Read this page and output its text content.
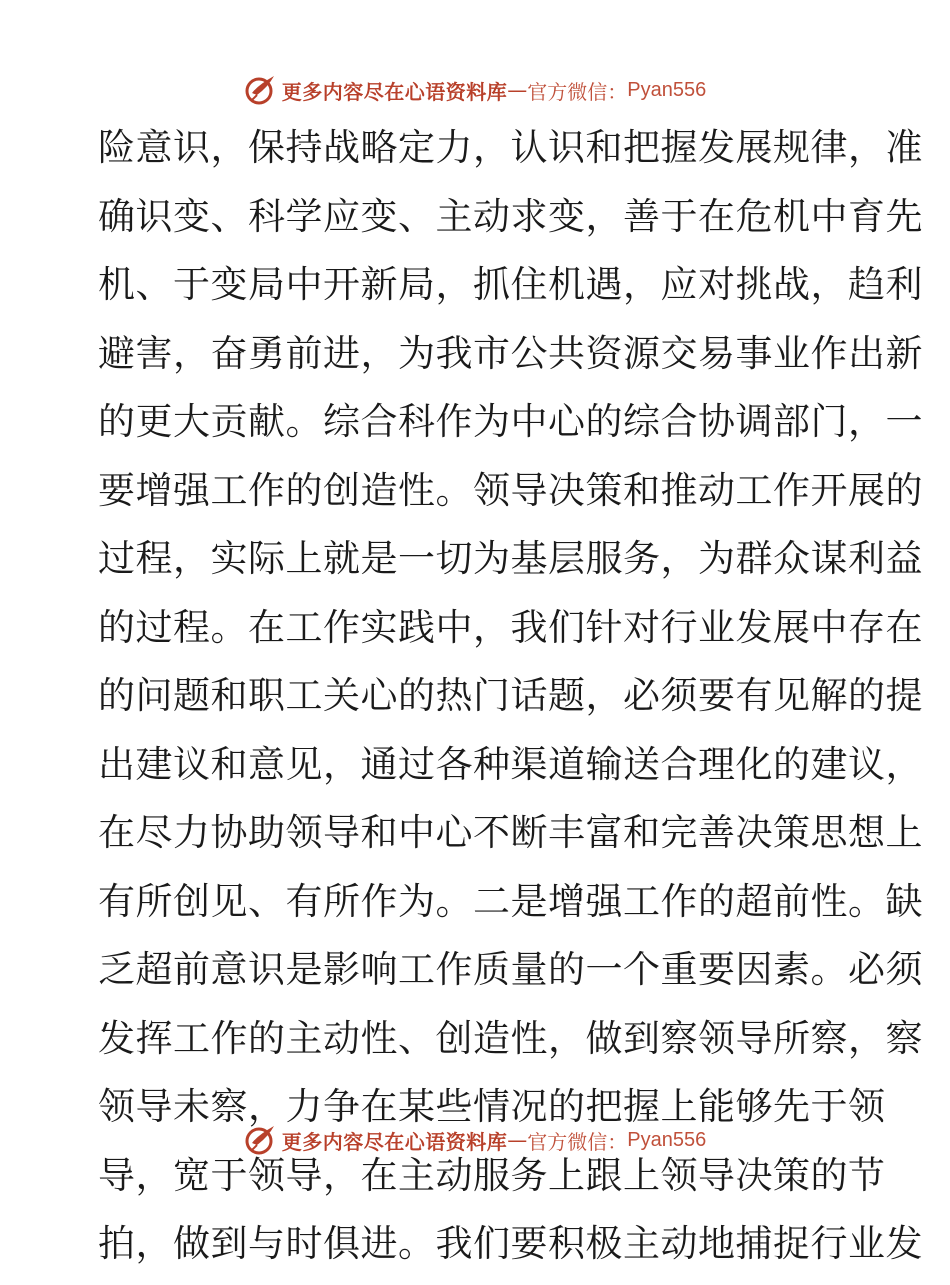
更多内容尽在心语资料库 — 官方微信： Pyan556
险 意 识 ， 保 持 战 略 定 力 ， 认 识 和 把 握 发 展 规 律 ， 准
确 识 变 、 科 学 应 变 、 主 动 求 变 ， 善 于 在 危 机 中 育 先
机 、 于 变 局 中 开 新 局 ， 抓 住 机 遇 ， 应 对 挑 战 ， 趋 利
避 害 ， 奋 勇 前 进 ， 为 我 市 公 共 资 源 交 易 事 业 作 出 新
的 更 大 贡 献 。 综 合 科 作 为 中 心 的 综 合 协 调 部 门 ， 一
要 增 强 工 作 的 创 造 性 。 领 导 决 策 和 推 动 工 作 开 展 的
过 程 ， 实 际 上 就 是 一 切 为 基 层 服 务 ， 为 群 众 谋 利 益
的 过 程 。 在 工 作 实 践 中 ， 我 们 针 对 行 业 发 展 中 存 在
的 问 题 和 职 工 关 心 的 热 门 话 题 ， 必 须 要 有 见 解 的 提
出 建 议 和 意 见 ， 通 过 各 种 渠 道 输 送 合 理 化 的 建 议 ，
在 尽 力 协 助 领 导 和 中 心 不 断 丰 富 和 完 善 决 策 思 想 上
有 所 创 见 、 有 所 作 为 。 二 是 增 强 工 作 的 超 前 性 。 缺
乏 超 前 意 识 是 影 响 工 作 质 量 的 一 个 重 要 因 素 。 必 须
发 挥 工 作 的 主 动 性 、 创 造 性 ， 做 到 察 领 导 所 察 ， 察
领 导 未 察 ， 力 争 在 某 些 情 况 的 把 握 上 能 够 先 于 领
导 ， 宽 于 领 导 ， 在 主 动 服 务 上 跟 上 领 导 决 策 的 节
拍 ， 做 到 与 时 俱 进 。 我 们 要 积 极 主 动 地 捕 捉 行 业 发
更多内容尽在心语资料库 — 官方微信： Pyan556
